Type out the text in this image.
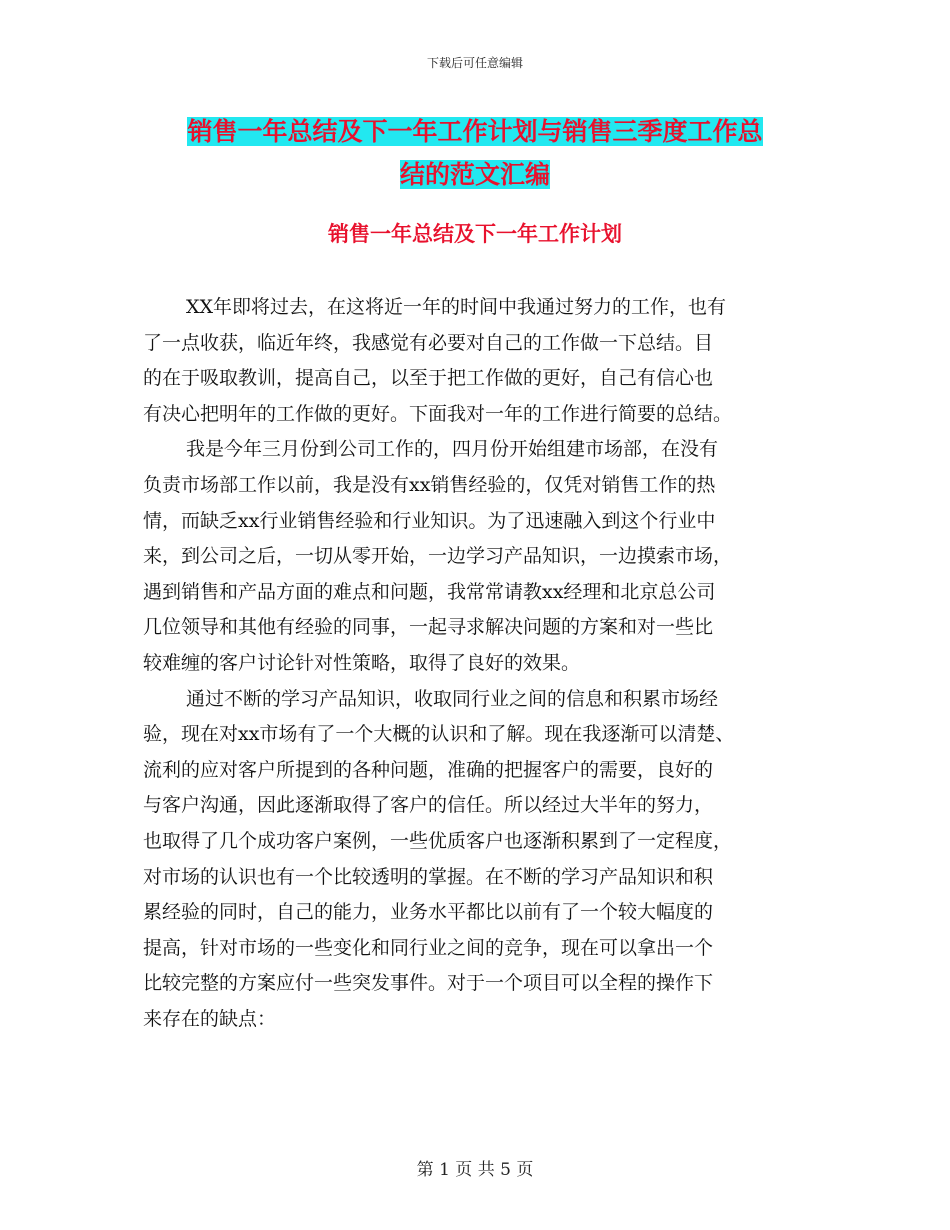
下载后可任意编辑
销售一年总结及下一年工作计划与销售三季度工作总
结的范文汇编
销售一年总结及下一年工作计划
XX年即将过去，在这将近一年的时间中我通过努力的工作，也有
了一点收获，临近年终，我感觉有必要对自己的工作做一下总结。目
的在于吸取教训，提高自己，以至于把工作做的更好，自己有信心也
有决心把明年的工作做的更好。下面我对一年的工作进行简要的总结。
我是今年三月份到公司工作的，四月份开始组建市场部，在没有
负责市场部工作以前，我是没有xx销售经验的，仅凭对销售工作的热
情，而缺乏xx行业销售经验和行业知识。为了迅速融入到这个行业中
来，到公司之后，一切从零开始，一边学习产品知识，一边摸索市场，
遇到销售和产品方面的难点和问题，我常常请教xx经理和北京总公司
几位领导和其他有经验的同事，一起寻求解决问题的方案和对一些比
较难缠的客户讨论针对性策略，取得了良好的效果。
通过不断的学习产品知识，收取同行业之间的信息和积累市场经
验，现在对xx市场有了一个大概的认识和了解。现在我逐渐可以清楚、
流利的应对客户所提到的各种问题，准确的把握客户的需要，良好的
与客户沟通，因此逐渐取得了客户的信任。所以经过大半年的努力，
也取得了几个成功客户案例，一些优质客户也逐渐积累到了一定程度，
对市场的认识也有一个比较透明的掌握。在不断的学习产品知识和积
累经验的同时，自己的能力，业务水平都比以前有了一个较大幅度的
提高，针对市场的一些变化和同行业之间的竞争，现在可以拿出一个
比较完整的方案应付一些突发事件。对于一个项目可以全程的操作下
来存在的缺点：
第 1 页 共 5 页
